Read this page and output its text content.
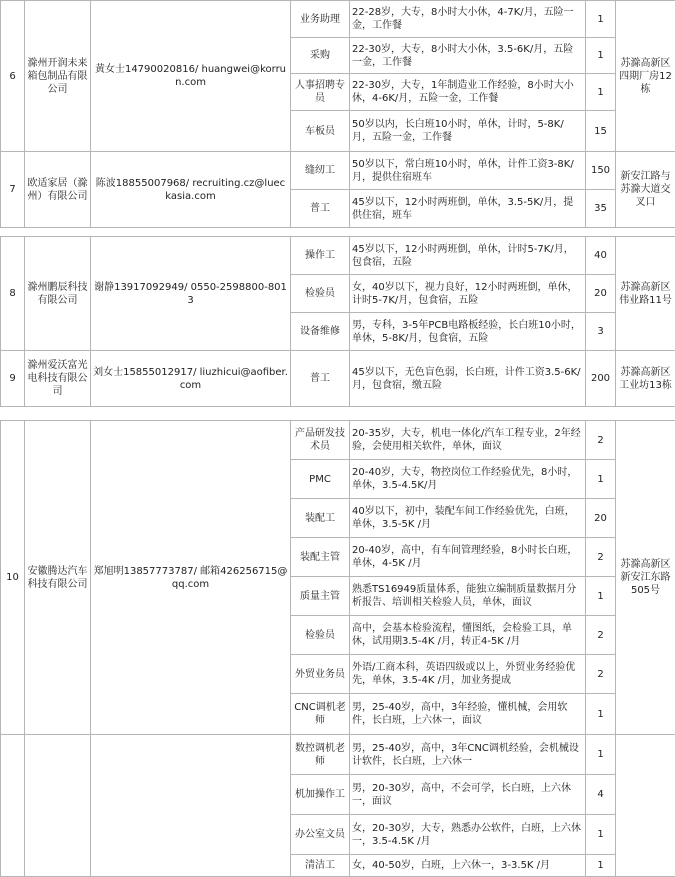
6	滁州开润未来箱包制品有限公司	黄女士14790020816/ huangwei@korrun.com	业务助理	22-28岁，大专，8小时大小休，4-7K/月，五险一金，工作餐	1	苏滁高新区四期厂房12栋
			采购	22-30岁，大专，8小时大小休，3.5-6K/月，五险一金，工作餐	1	
			人事招聘专员	22-30岁，大专，1年制造业工作经验，8小时大小休，4-6K/月，五险一金，工作餐	1	
			车板员	50岁以内，长白班10小时，单休，计时，5-8K/月，五险一金，工作餐	15	
7	欧适家居（滁州）有限公司	陈波18855007968/ recruiting.cz@lueckasia.com	缝纫工	50岁以下，常白班10小时，单休，计件工资3-8K/月，提供住宿班车	150	新安江路与苏滁大道交叉口
			普工	45岁以下，12小时两班倒，单休，3.5-5K/月，提供住宿，班车	35	
8	滁州鹏辰科技有限公司	谢静13917092949/ 0550-2598800-8013	操作工	45岁以下，12小时两班倒，单休，计时5-7K/月，包食宿，五险	40	苏滁高新区伟业路11号
			检验员	女，40岁以下，视力良好，12小时两班倒，单休，计时5-7K/月，包食宿，五险	20	
			设备维修	男，专科，3-5年PCB电路板经验，长白班10小时，单休，5-8K/月，包食宿，五险	3	
9	滁州爱沃富光电科技有限公司	刘女士15855012917/ liuzhicui@aofiber.com	普工	45岁以下，无色盲色弱，长白班，计件工资3.5-6K/月，包食宿，缴五险	200	苏滁高新区工业坊13栋
10	安徽腾达汽车科技有限公司	郑旭明13857773787/ 邮箱426256715@qq.com	产品研发技术员	20-35岁，大专，机电一体化/汽车工程专业，2年经验，会使用相关软件，单休，面议	2	苏滁高新区新安江东路505号
			PMC	20-40岁，大专，物控岗位工作经验优先，8小时，单休，3.5-4.5K/月	1	
			装配工	40岁以下，初中，装配车间工作经验优先，白班，单休，3.5-5K /月	20	
			装配主管	20-40岁，高中，有车间管理经验，8小时长白班，单休，4-5K /月	2	
			质量主管	熟悉TS16949质量体系，能独立编制质量数据月分析报告、培训相关检验人员，单休，面议	1	
			检验员	高中，会基本检验流程，懂图纸，会检验工具，单休，试用期3.5-4K /月，转正4-5K /月	2	
			外贸业务员	外语/工商本科，英语四级或以上，外贸业务经验优先，单休，3.5-4K /月，加业务提成	2	
			CNC调机老师	男，25-40岁，高中，3年经验，懂机械，会用软件，长白班，上六休一，面议	1	
			数控调机老师	男，25-40岁，高中，3年CNC调机经验，会机械设计软件，长白班，上六休一	1	
			机加操作工	男，20-30岁，高中，不会可学，长白班，上六休一，面议	4	
			办公室文员	女，20-30岁，大专，熟悉办公软件，白班，上六休一，3.5-4.5K /月	1	
			清洁工	女，40-50岁，白班，上六休一，3-3.5K /月	1	
